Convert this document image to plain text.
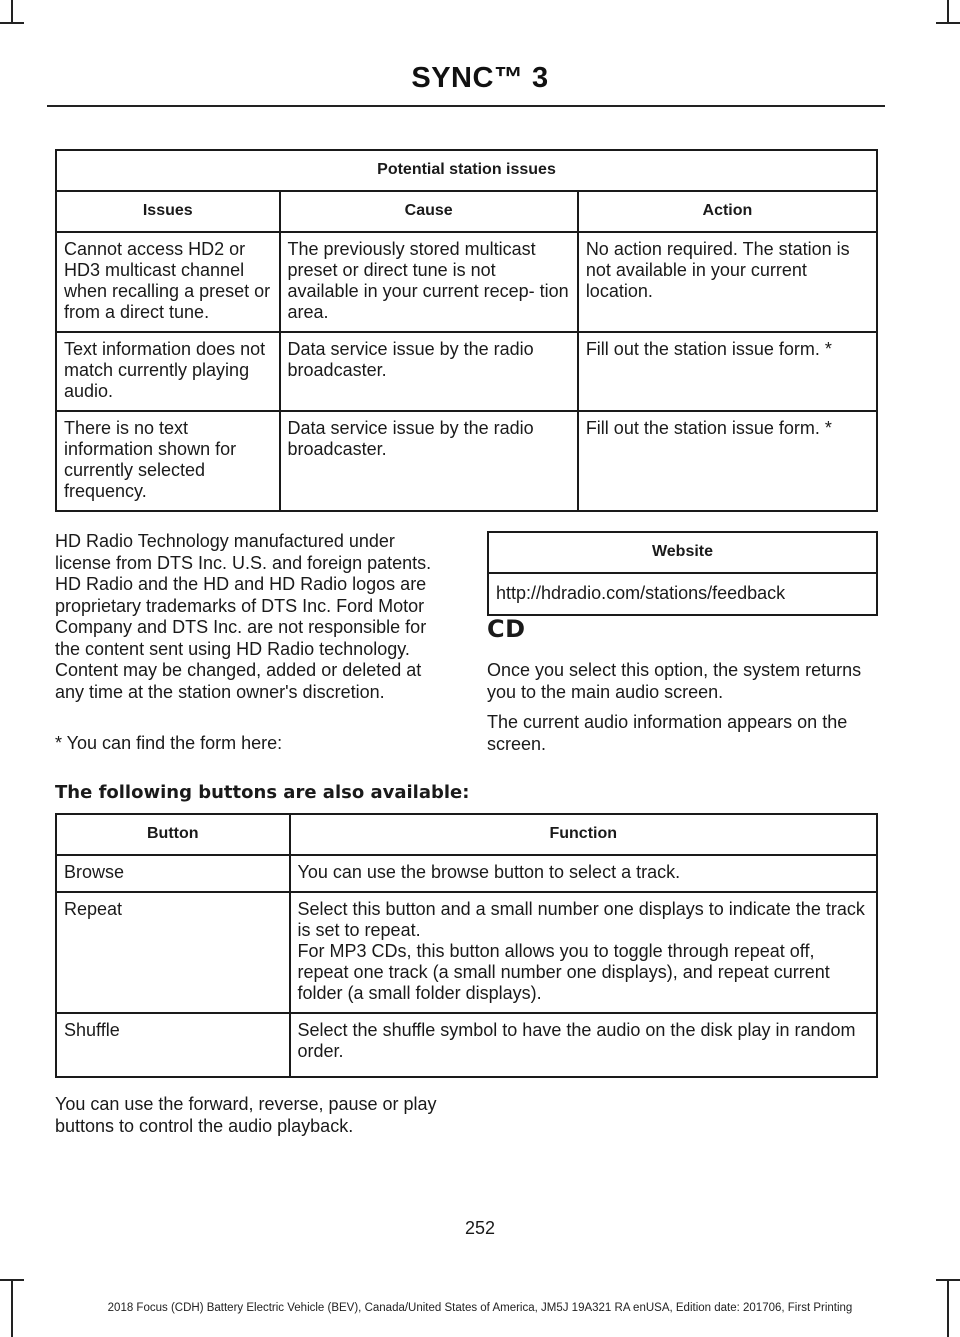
SYNC™ 3
Potential station issues		
Issues	Cause	Action
Cannot access HD2 or HD3 multicast channel when recalling a preset or from a direct tune.	The previously stored multicast preset or direct tune is not available in your current recep- tion area.	No action required. The station is not available in your current location.
Text information does not match currently playing audio.	Data service issue by the radio broadcaster.	Fill out the station issue form. *
There is no text information shown for currently selected frequency.	Data service issue by the radio broadcaster.	Fill out the station issue form. *
HD Radio Technology manufactured under license from DTS Inc. U.S. and foreign patents. HD Radio and the HD and HD Radio logos are proprietary trademarks of DTS Inc. Ford Motor Company and DTS Inc. are not responsible for the content sent using HD Radio technology. Content may be changed, added or deleted at any time at the station owner's discretion.
* You can find the form here:
Website
http://hdradio.com/stations/feedback
CD
Once you select this option, the system returns you to the main audio screen.
The current audio information appears on the screen.
The following buttons are also available:
Button	Function
Browse	You can use the browse button to select a track.

Repeat	Select this button and a small number one displays to indicate the track is set to repeat.
For MP3 CDs, this button allows you to toggle through repeat off, repeat one track (a small number one displays), and repeat current folder (a small folder displays).

Shuffle	Select the shuffle symbol to have the audio on the disk play in random order.
You can use the forward, reverse, pause or play buttons to control the audio playback.
252
2018 Focus (CDH) Battery Electric Vehicle (BEV), Canada/United States of America, JM5J 19A321 RA enUSA, Edition date: 201706, First Printing
